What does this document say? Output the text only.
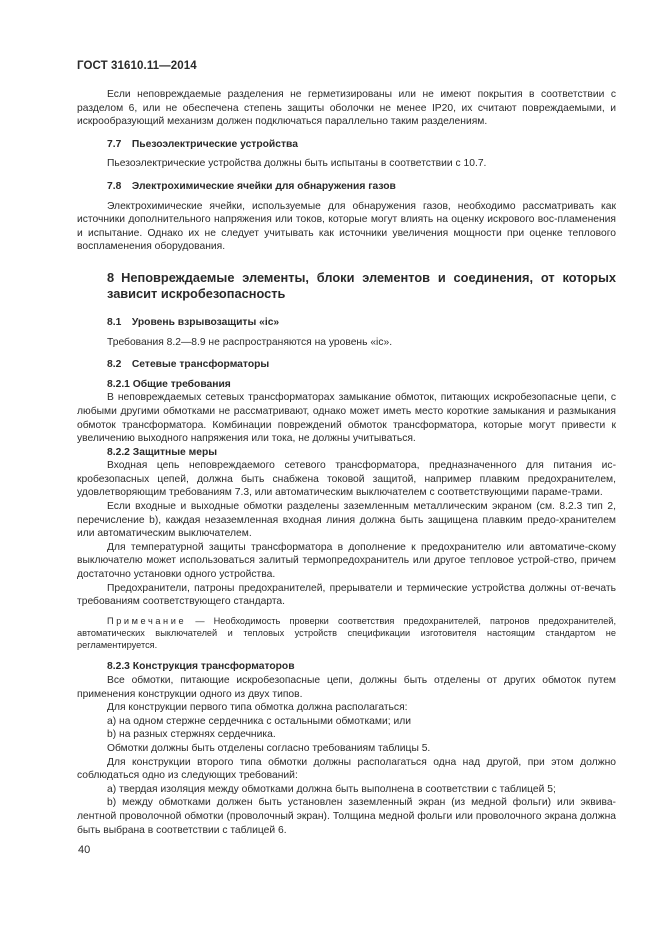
ГОСТ 31610.11—2014

Если неповреждаемые разделения не герметизированы или не имеют покрытия в соответствии с разделом 6, или не обеспечена степень защиты оболочки не менее IP20, их считают повреждаемыми, и искрообразующий механизм должен подключаться параллельно таким разделениям.

7.7 Пьезоэлектрические устройства

Пьезоэлектрические устройства должны быть испытаны в соответствии с 10.7.

7.8 Электрохимические ячейки для обнаружения газов

Электрохимические ячейки, используемые для обнаружения газов, необходимо рассматривать как источники дополнительного напряжения или токов, которые могут влиять на оценку искрового вос-пламенения и испытание. Однако их не следует учитывать как источники увеличения мощности при оценке теплового воспламенения оборудования.

8 Неповреждаемые элементы, блоки элементов и соединения, от которых зависит искробезопасность

8.1 Уровень взрывозащиты «ic»

Требования 8.2—8.9 не распространяются на уровень «ic».

8.2 Сетевые трансформаторы

8.2.1 Общие требования

В неповреждаемых сетевых трансформаторах замыкание обмоток, питающих искробезопасные цепи, с любыми другими обмотками не рассматривают, однако может иметь место короткие замыкания и размыкания обмоток трансформатора. Комбинации повреждений обмоток трансформатора, которые могут привести к увеличению выходного напряжения или тока, не должны учитываться.

8.2.2 Защитные меры

Входная цепь неповреждаемого сетевого трансформатора, предназначенного для питания ис-кробезопасных цепей, должна быть снабжена токовой защитой, например плавким предохранителем, удовлетворяющим требованиям 7.3, или автоматическим выключателем с соответствующими параме-трами.

Если входные и выходные обмотки разделены заземленным металлическим экраном (см. 8.2.3 тип 2, перечисление b), каждая незаземленная входная линия должна быть защищена плавким предо-хранителем или автоматическим выключателем.

Для температурной защиты трансформатора в дополнение к предохранителю или автоматиче-скому выключателю может использоваться залитый термопредохранитель или другое тепловое устрой-ство, причем достаточно установки одного устройства.

Предохранители, патроны предохранителей, прерыватели и термические устройства должны от-вечать требованиям соответствующего стандарта.

Примечание — Необходимость проверки соответствия предохранителей, патронов предохранителей, автоматических выключателей и тепловых устройств спецификации изготовителя настоящим стандартом не регламентируется.

8.2.3 Конструкция трансформаторов

Все обмотки, питающие искробезопасные цепи, должны быть отделены от других обмоток путем применения конструкции одного из двух типов.

Для конструкции первого типа обмотка должна располагаться:

а) на одном стержне сердечника с остальными обмотками; или

b) на разных стержнях сердечника.

Обмотки должны быть отделены согласно требованиям таблицы 5.

Для конструкции второго типа обмотки должны располагаться одна над другой, при этом должно соблюдаться одно из следующих требований:

а) твердая изоляция между обмотками должна быть выполнена в соответствии с таблицей 5;

b) между обмотками должен быть установлен заземленный экран (из медной фольги) или эквива-лентной проволочной обмотки (проволочный экран). Толщина медной фольги или проволочного экрана должна быть выбрана в соответствии с таблицей 6.

40
